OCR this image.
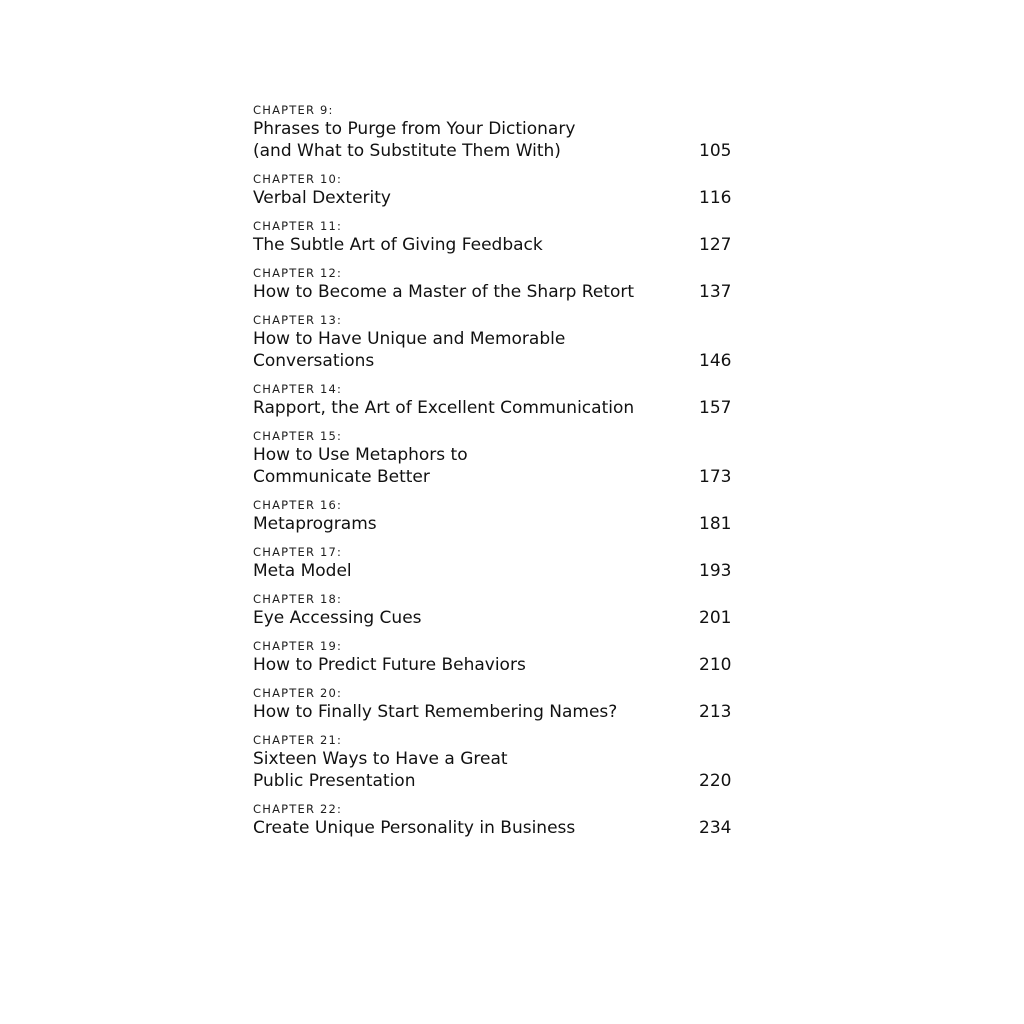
CHAPTER 9:
Phrases to Purge from Your Dictionary
(and What to Substitute Them With)	105
CHAPTER 10:
Verbal Dexterity	116
CHAPTER 11:
The Subtle Art of Giving Feedback	127
CHAPTER 12:
How to Become a Master of the Sharp Retort	137
CHAPTER 13:
How to Have Unique and Memorable
Conversations	146
CHAPTER 14:
Rapport, the Art of Excellent Communication	157
CHAPTER 15:
How to Use Metaphors to
Communicate Better	173
CHAPTER 16:
Metaprograms	181
CHAPTER 17:
Meta Model	193
CHAPTER 18:
Eye Accessing Cues	201
CHAPTER 19:
How to Predict Future Behaviors	210
CHAPTER 20:
How to Finally Start Remembering Names?	213
CHAPTER 21:
Sixteen Ways to Have a Great
Public Presentation	220
CHAPTER 22:
Create Unique Personality in Business	234
